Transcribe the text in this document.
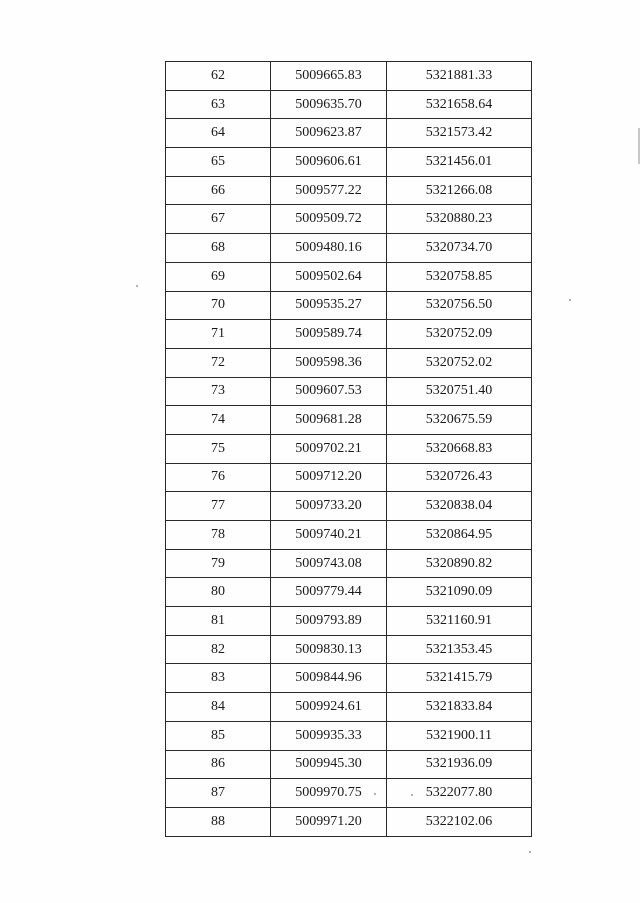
62	5009665.83	5321881.33
63	5009635.70	5321658.64
64	5009623.87	5321573.42
65	5009606.61	5321456.01
66	5009577.22	5321266.08
67	5009509.72	5320880.23
68	5009480.16	5320734.70
69	5009502.64	5320758.85
70	5009535.27	5320756.50
71	5009589.74	5320752.09
72	5009598.36	5320752.02
73	5009607.53	5320751.40
74	5009681.28	5320675.59
75	5009702.21	5320668.83
76	5009712.20	5320726.43
77	5009733.20	5320838.04
78	5009740.21	5320864.95
79	5009743.08	5320890.82
80	5009779.44	5321090.09
81	5009793.89	5321160.91
82	5009830.13	5321353.45
83	5009844.96	5321415.79
84	5009924.61	5321833.84
85	5009935.33	5321900.11
86	5009945.30	5321936.09
87	5009970.75	5322077.80
88	5009971.20	5322102.06
